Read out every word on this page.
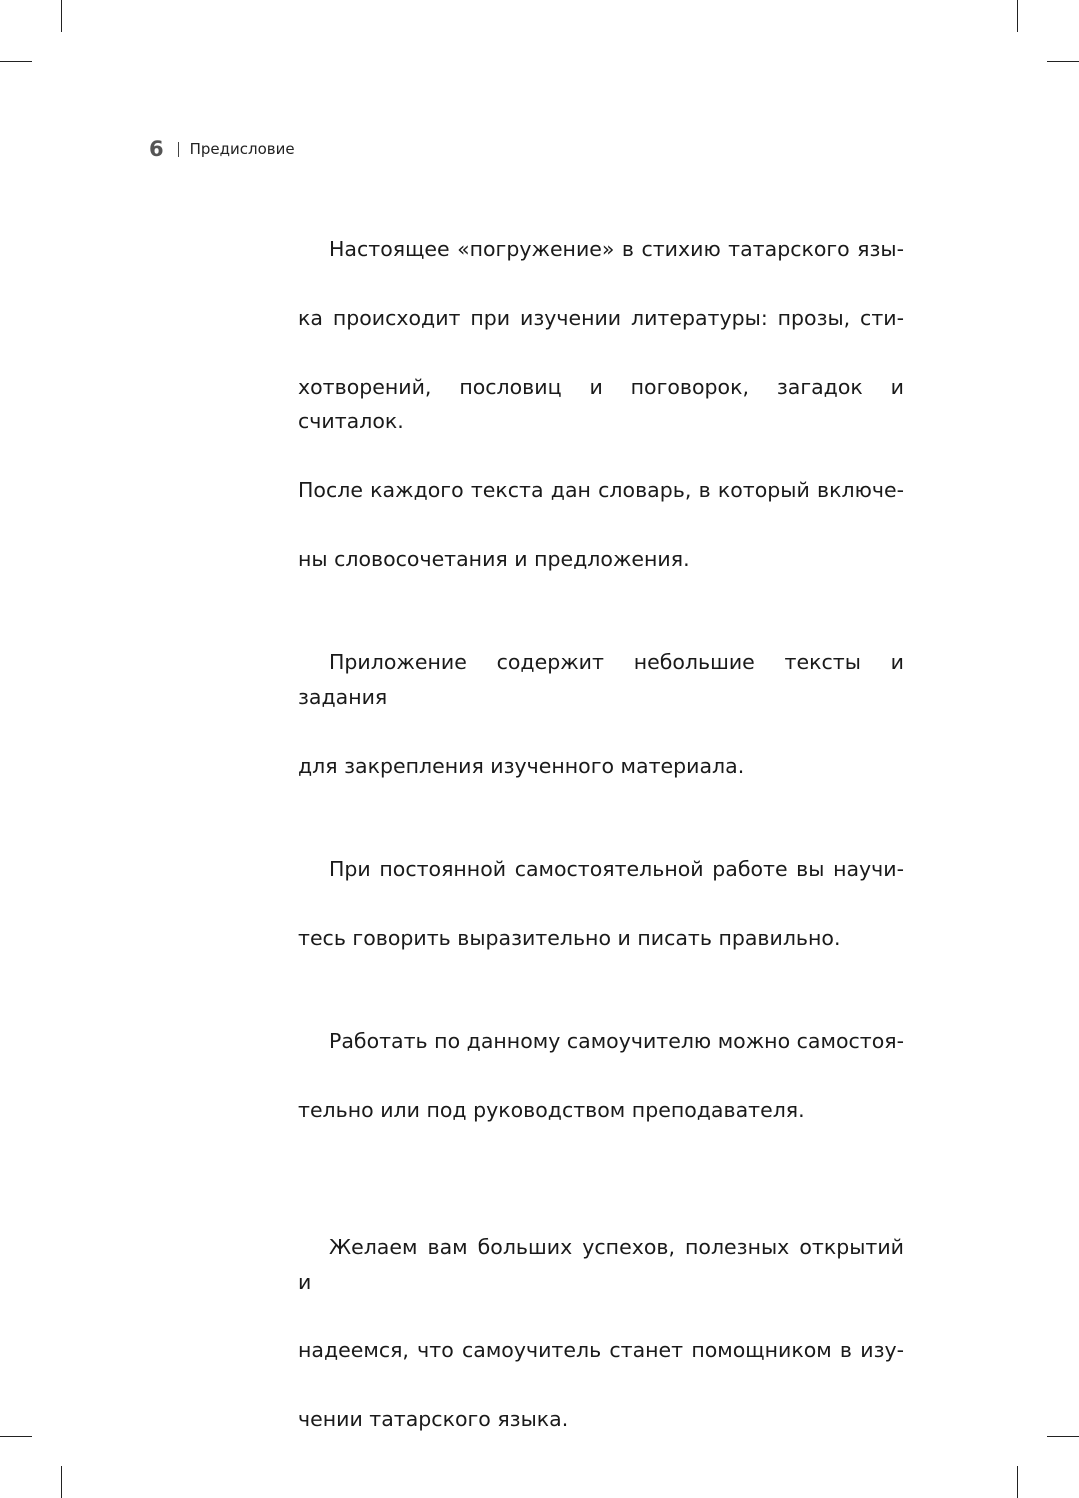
6 Предисловие

Настоящее «погружение» в стихию татарского язы-

ка происходит при изучении литературы: прозы, сти-

хотворений, пословиц и поговорок, загадок и считалок.

После каждого текста дан словарь, в который включе-

ны словосочетания и предложения.

Приложение содержит небольшие тексты и задания

для закрепления изученного материала.

При постоянной самостоятельной работе вы научи-

тесь говорить выразительно и писать правильно.

Работать по данному самоучителю можно самостоя-

тельно или под руководством преподавателя.

Желаем вам больших успехов, полезных открытий и

надеемся, что самоучитель станет помощником в изу-

чении татарского языка.
